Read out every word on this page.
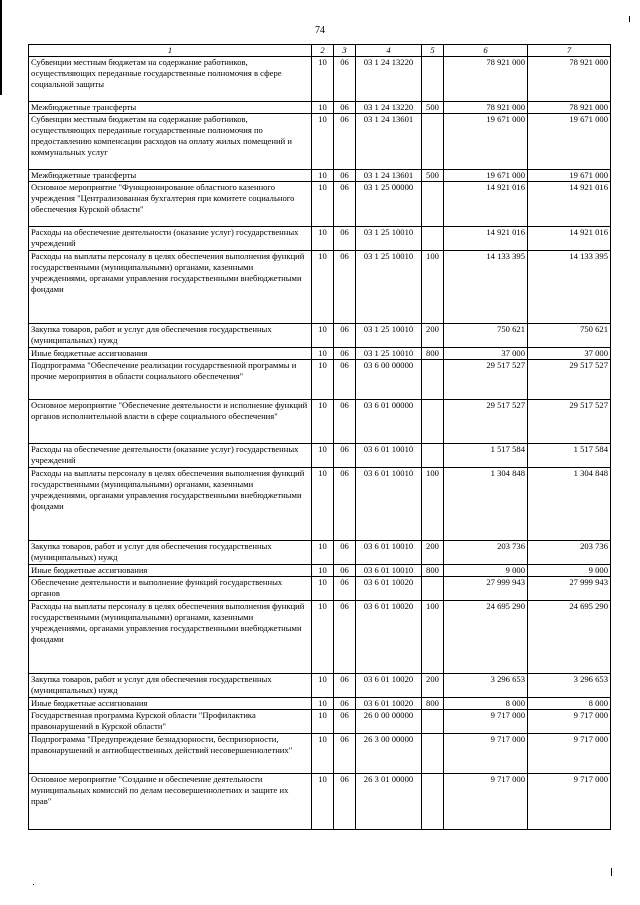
74
1	2	3	4	5	6	7
Субвенции местным бюджетам на содержание работников, осуществляющих переданные государственные полномочия в сфере социальной защиты	10	06	03 1 24 13220		78 921 000	78 921 000
Межбюджетные трансферты	10	06	03 1 24 13220	500	78 921 000	78 921 000
Субвенции местным бюджетам на содержание работников, осуществляющих переданные государственные полномочия по предоставлению компенсации расходов на оплату жилых помещений и коммунальных услуг	10	06	03 1 24 13601		19 671 000	19 671 000
Межбюджетные трансферты	10	06	03 1 24 13601	500	19 671 000	19 671 000
Основное мероприятие "Функционирование областного казенного учреждения "Централизованная бухгалтерия при комитете социального обеспечения Курской области"	10	06	03 1 25 00000		14 921 016	14 921 016
Расходы на обеспечение деятельности (оказание услуг) государственных учреждений	10	06	03 1 25 10010		14 921 016	14 921 016
Расходы на выплаты персоналу в целях обеспечения выполнения функций государственными (муниципальными) органами, казенными учреждениями, органами управления государственными внебюджетными фондами	10	06	03 1 25 10010	100	14 133 395	14 133 395
Закупка товаров, работ и услуг для обеспечения государственных (муниципальных) нужд	10	06	03 1 25 10010	200	750 621	750 621
Иные бюджетные ассигнования	10	06	03 1 25 10010	800	37 000	37 000
Подпрограмма "Обеспечение реализации государственной программы и прочие мероприятия в области социального обеспечения"	10	06	03 6 00 00000		29 517 527	29 517 527
Основное мероприятие "Обеспечение деятельности и исполнение функций органов исполнительной власти в сфере социального обеспечения"	10	06	03 6 01 00000		29 517 527	29 517 527
Расходы на обеспечение деятельности (оказание услуг) государственных учреждений	10	06	03 6 01 10010		1 517 584	1 517 584
Расходы на выплаты персоналу в целях обеспечения выполнения функций государственными (муниципальными) органами, казенными учреждениями, органами управления государственными внебюджетными фондами	10	06	03 6 01 10010	100	1 304 848	1 304 848
Закупка товаров, работ и услуг для обеспечения государственных (муниципальных) нужд	10	06	03 6 01 10010	200	203 736	203 736
Иные бюджетные ассигнования	10	06	03 6 01 10010	800	9 000	9 000
Обеспечение деятельности и выполнение функций государственных органов	10	06	03 6 01 10020		27 999 943	27 999 943
Расходы на выплаты персоналу в целях обеспечения выполнения функций государственными (муниципальными) органами, казенными учреждениями, органами управления государственными внебюджетными фондами	10	06	03 6 01 10020	100	24 695 290	24 695 290
Закупка товаров, работ и услуг для обеспечения государственных (муниципальных) нужд	10	06	03 6 01 10020	200	3 296 653	3 296 653
Иные бюджетные ассигнования	10	06	03 6 01 10020	800	8 000	8 000
Государственная программа Курской области "Профилактика правонарушений в Курской области"	10	06	26 0 00 00000		9 717 000	9 717 000
Подпрограмма "Предупреждение безнадзорности, беспризорности, правонарушений и антиобщественных действий несовершеннолетних"	10	06	26 3 00 00000		9 717 000	9 717 000
Основное мероприятие "Создание и обеспечение деятельности муниципальных комиссий по делам несовершеннолетних и защите их прав"	10	06	26 3 01 00000		9 717 000	9 717 000
